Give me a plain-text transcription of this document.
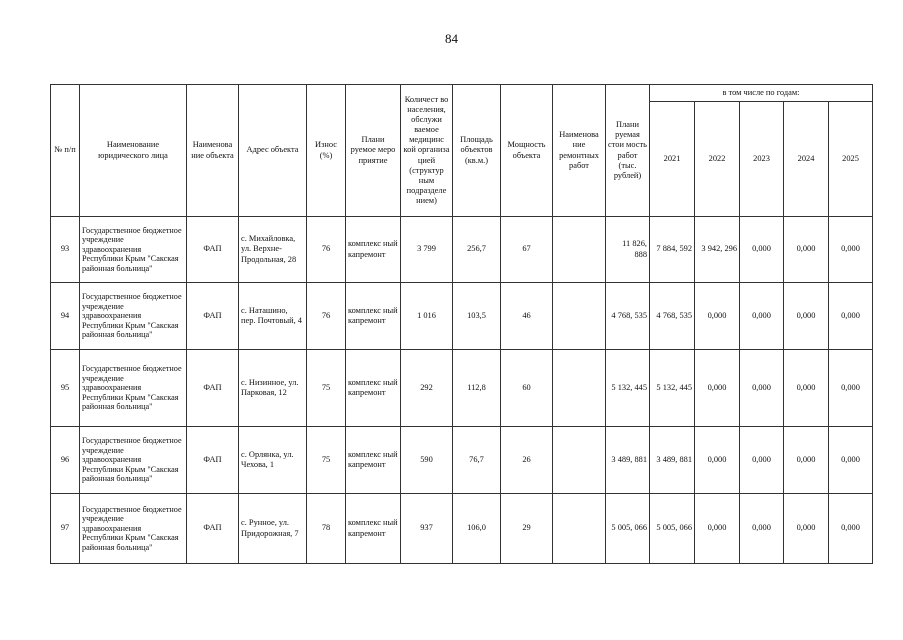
84
№ п/п	Наименование юридического лица	Наименова ние объекта	Адрес объекта	Износ (%)	Плани руемое меро приятие	Количест во населения, обслужи ваемое медицинс кой организа цией (структур ным подразделе нием)	Площадь объектов (кв.м.)	Мощность объекта	Наименова ние ремонтных работ	Плани руемая стои мость работ (тыс. рублей)	в том числе по годам:				
											2021	2022	2023	2024	2025
93	Государственное бюджетное учреждение здравоохранения Республики Крым "Сакская районная больница"	ФАП	с. Михайловка, ул. Верхне- Продольная, 28	76	комплекс ный капремонт	3 799	256,7	67		11 826, 888	7 884, 592	3 942, 296	0,000	0,000	0,000
94	Государственное бюджетное учреждение здравоохранения Республики Крым "Сакская районная больница"	ФАП	с. Наташино, пер. Почтовый, 4	76	комплекс ный капремонт	1 016	103,5	46		4 768, 535	4 768, 535	0,000	0,000	0,000	0,000
95	Государственное бюджетное учреждение здравоохранения Республики Крым "Сакская районная больница"	ФАП	с. Низинное, ул. Парковая, 12	75	комплекс ный капремонт	292	112,8	60		5 132, 445	5 132, 445	0,000	0,000	0,000	0,000
96	Государственное бюджетное учреждение здравоохранения Республики Крым "Сакская районная больница"	ФАП	с. Орлянка, ул. Чехова, 1	75	комплекс ный капремонт	590	76,7	26		3 489, 881	3 489, 881	0,000	0,000	0,000	0,000
97	Государственное бюджетное учреждение здравоохранения Республики Крым "Сакская районная больница"	ФАП	с. Рунное, ул. Придорожная, 7	78	комплекс ный капремонт	937	106,0	29		5 005, 066	5 005, 066	0,000	0,000	0,000	0,000
